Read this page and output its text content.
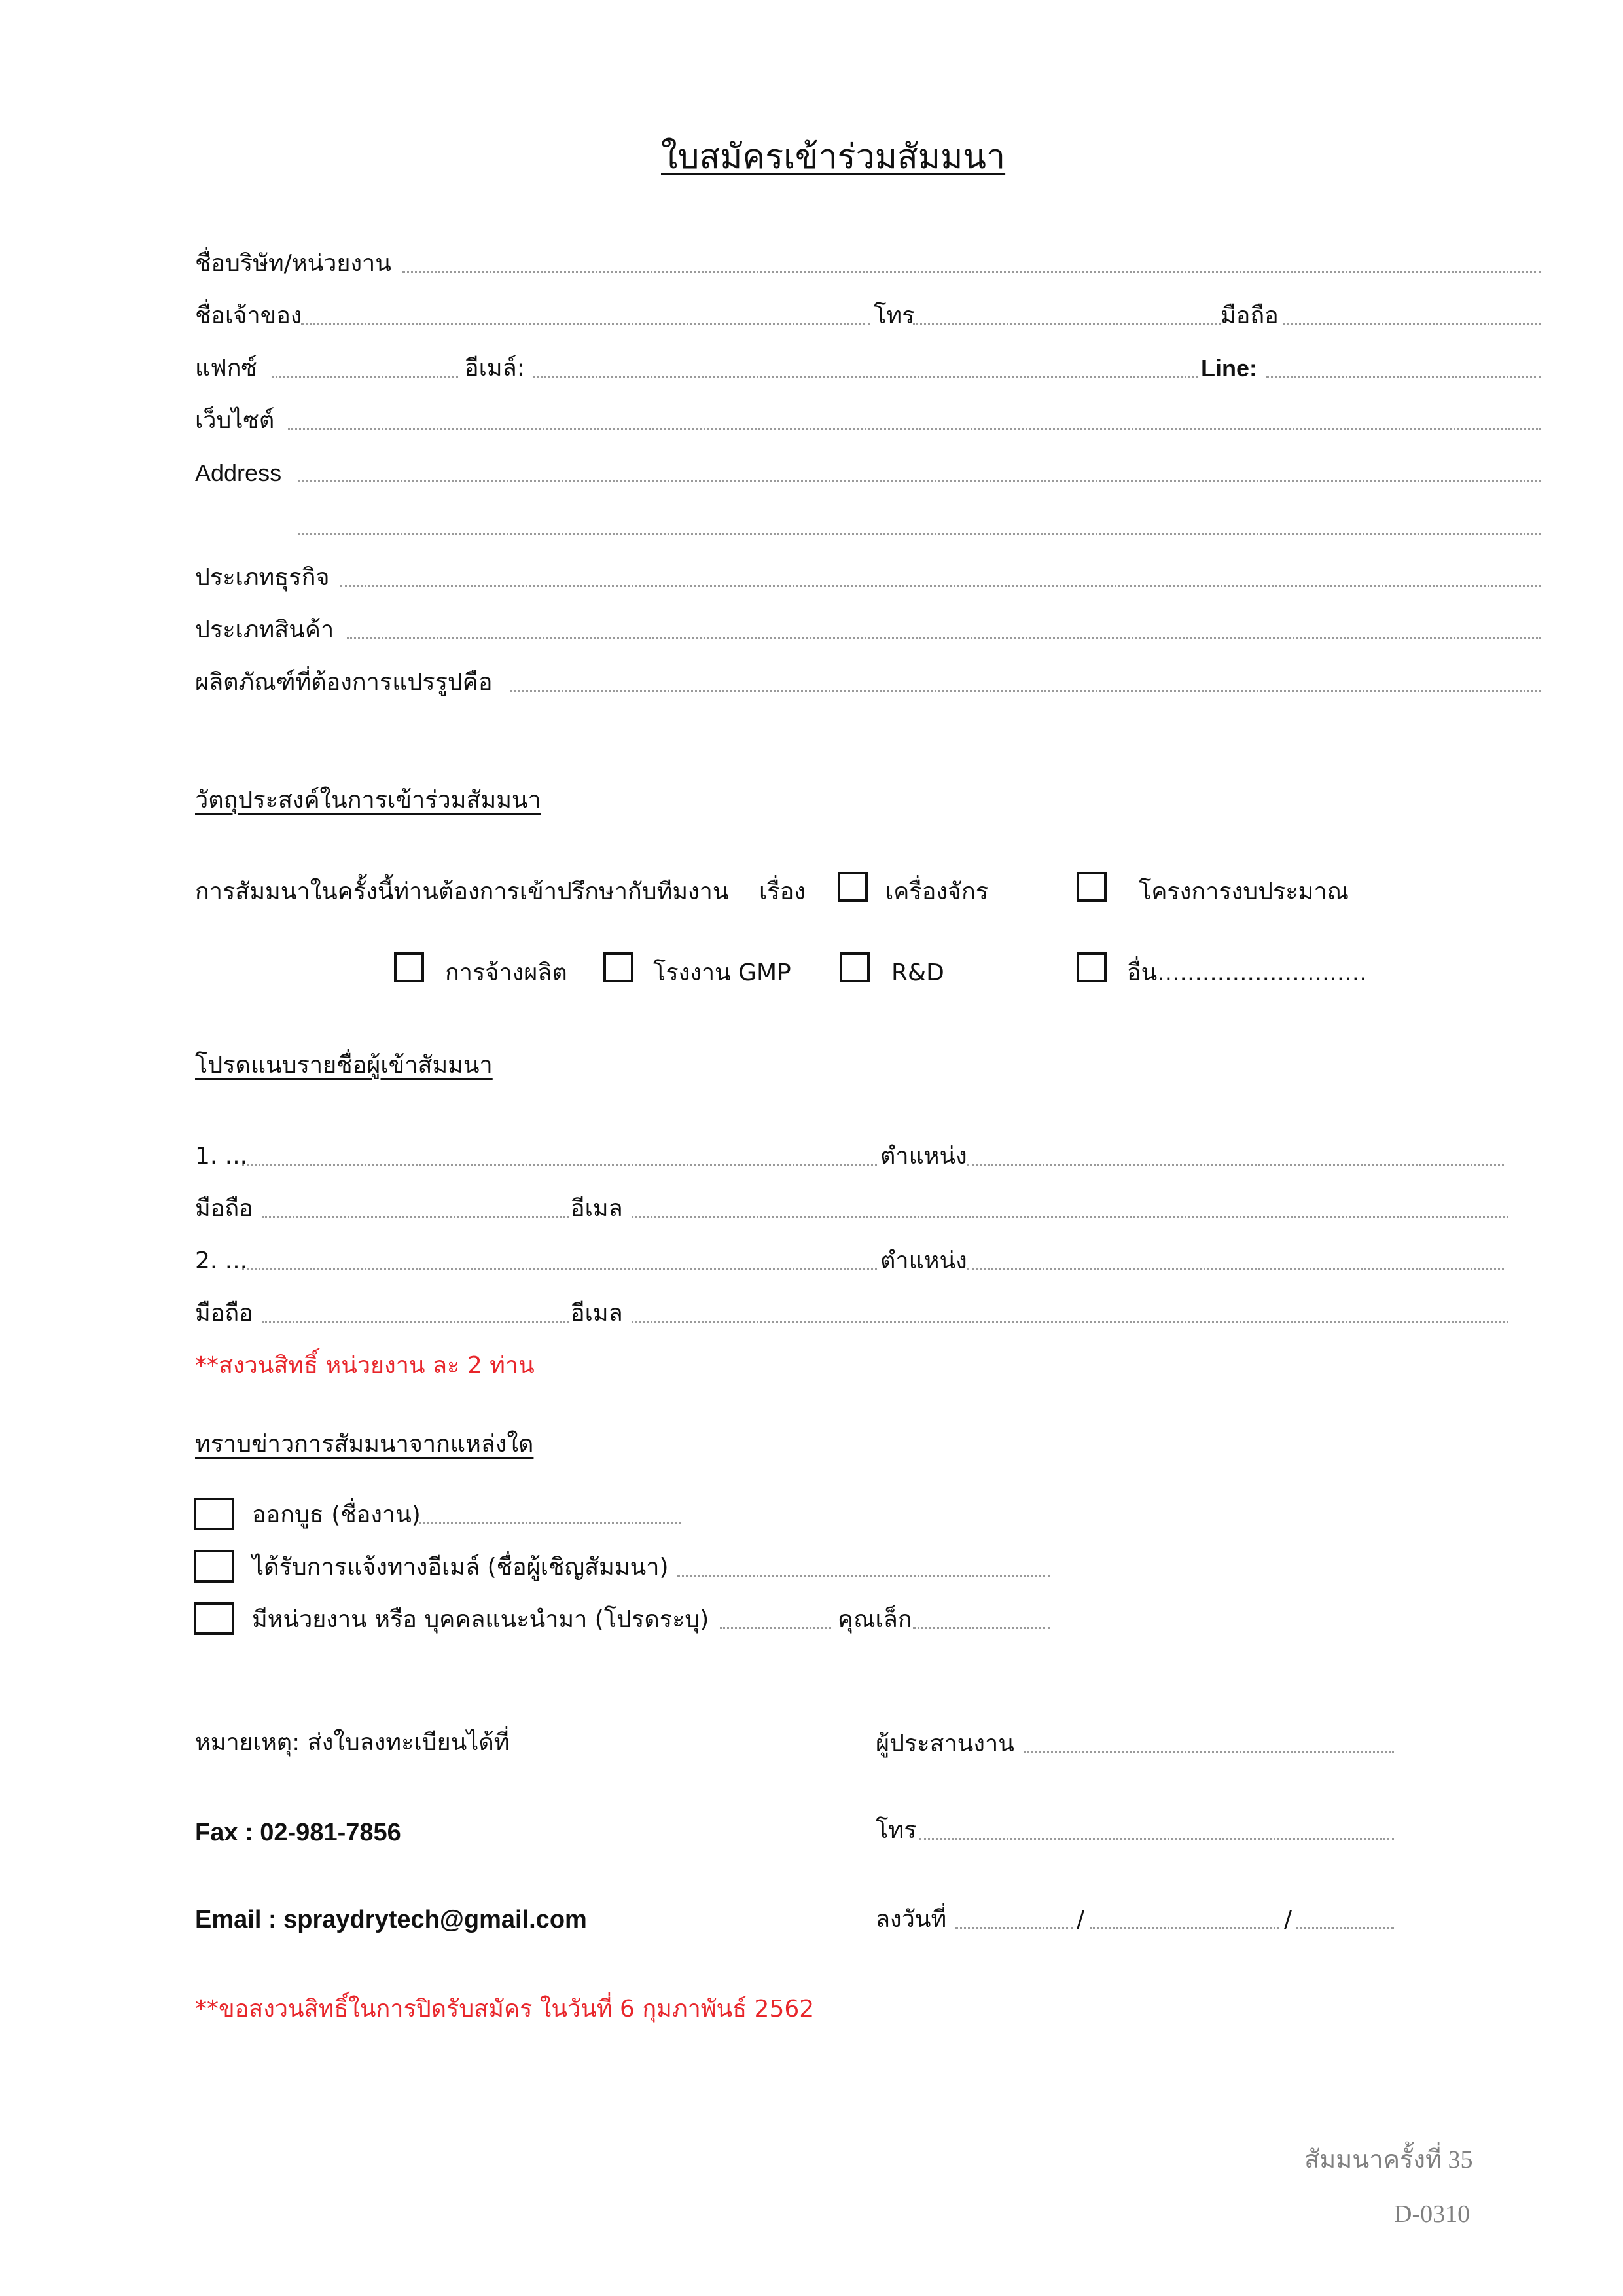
ใบสมัครเข้าร่วมสัมมนา
ชื่อบริษัท/หน่วยงาน
ชื่อเจ้าของ	โทร	มือถือ
แฟกซ์	อีเมล์:	Line:
เว็บไซต์
Address
ประเภทธุรกิจ
ประเภทสินค้า
ผลิตภัณฑ์ที่ต้องการแปรรูปคือ
วัตถุประสงค์ในการเข้าร่วมสัมมนา
การสัมมนาในครั้งนี้ท่านต้องการเข้าปรึกษากับทีมงาน เรื่อง	เครื่องจักร	โครงการงบประมาณ
การจ้างผลิต	โรงงาน GMP	R&D	อื่น............................
โปรดแนบรายชื่อผู้เข้าสัมมนา
1. ...	ตำแหน่ง
มือถือ	อีเมล
2. ...	ตำแหน่ง
มือถือ	อีเมล
**สงวนสิทธิ์ หน่วยงาน ละ 2 ท่าน
ทราบข่าวการสัมมนาจากแหล่งใด
ออกบูธ (ชื่องาน)
ได้รับการแจ้งทางอีเมล์ (ชื่อผู้เชิญสัมมนา)
มีหน่วยงาน หรือ บุคคลแนะนำมา (โปรดระบุ)	คุณเล็ก
หมายเหตุ: ส่งใบลงทะเบียนได้ที่	ผู้ประสานงาน
Fax : 02-981-7856	โทร
Email : spraydrytech@gmail.com	ลงวันที่	/	/
**ขอสงวนสิทธิ์ในการปิดรับสมัคร ในวันที่ 6 กุมภาพันธ์ 2562
สัมมนาครั้งที่ 35
D-0310
